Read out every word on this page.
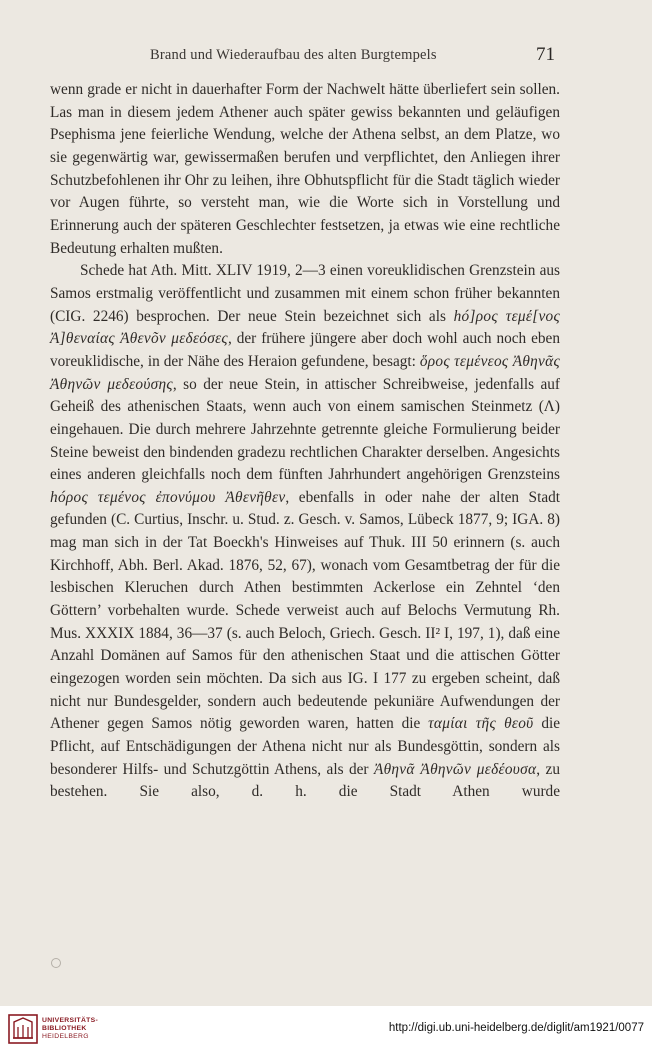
Brand und Wiederaufbau des alten Burgtempels	71

wenn grade er nicht in dauerhafter Form der Nachwelt hätte überliefert sein sollen. Las man in diesem jedem Athener auch später gewiss bekannten und geläufigen Psephisma jene feierliche Wendung, welche der Athena selbst, an dem Platze, wo sie gegenwärtig war, gewissermaßen berufen und verpflichtet, den Anliegen ihrer Schutzbefohlenen ihr Ohr zu leihen, ihre Obhutspflicht für die Stadt täglich wieder vor Augen führte, so versteht man, wie die Worte sich in Vorstellung und Erinnerung auch der späteren Geschlechter festsetzen, ja etwas wie eine rechtliche Bedeutung erhalten mußten.

Schede hat Ath. Mitt. XLIV 1919, 2—3 einen voreuklidischen Grenzstein aus Samos erstmalig veröffentlicht und zusammen mit einem schon früher bekannten (CIG. 2246) besprochen. Der neue Stein bezeichnet sich als hó]ρος τεμέ[νος Ἀ]θεναίας Ἀθενõν μεδεόσες, der frühere jüngere aber doch wohl auch noch eben voreuklidische, in der Nähe des Heraion gefundene, besagt: ὅρος τεμένεος Ἀθηνᾶς Ἀθηνῶν μεδεούσης, so der neue Stein, in attischer Schreibweise, jedenfalls auf Geheiß des athenischen Staats, wenn auch von einem samischen Steinmetz (Λ) eingehauen. Die durch mehrere Jahrzehnte getrennte gleiche Formulierung beider Steine beweist den bindenden gradezu rechtlichen Charakter derselben. Angesichts eines anderen gleichfalls noch dem fünften Jahrhundert angehörigen Grenzsteins hóρος τεμένος ἐπονύμου Ἀθενῆθεν, ebenfalls in oder nahe der alten Stadt gefunden (C. Curtius, Inschr. u. Stud. z. Gesch. v. Samos, Lübeck 1877, 9; IGA. 8) mag man sich in der Tat Boeckh's Hinweises auf Thuk. III 50 erinnern (s. auch Kirchhoff, Abh. Berl. Akad. 1876, 52, 67), wonach vom Gesamtbetrag der für die lesbischen Kleruchen durch Athen bestimmten Ackerlose ein Zehntel ‘den Göttern’ vorbehalten wurde. Schede verweist auch auf Belochs Vermutung Rh. Mus. XXXIX 1884, 36—37 (s. auch Beloch, Griech. Gesch. II² I, 197, 1), daß eine Anzahl Domänen auf Samos für den athenischen Staat und die attischen Götter eingezogen worden sein möchten. Da sich aus IG. I 177 zu ergeben scheint, daß nicht nur Bundesgelder, sondern auch bedeutende pekuniäre Aufwendungen der Athener gegen Samos nötig geworden waren, hatten die ταμίαι τῆς θεοῦ die Pflicht, auf Entschädigungen der Athena nicht nur als Bundesgöttin, sondern als besonderer Hilfs- und Schutzgöttin Athens, als der Ἀθηνᾶ Ἀθηνῶν μεδέουσα, zu bestehen. Sie also, d. h. die Stadt Athen wurde

UNIVERSITÄTS-
BIBLIOTHEK
HEIDELBERG
http://digi.ub.uni-heidelberg.de/diglit/am1921/0077
